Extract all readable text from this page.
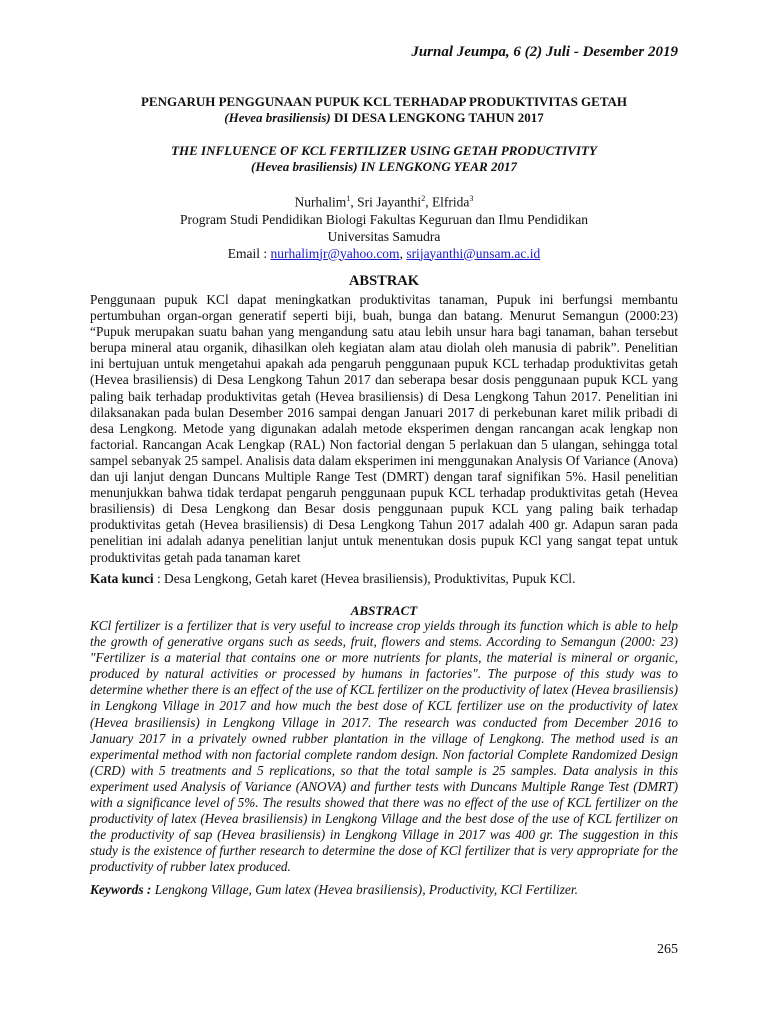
Jurnal Jeumpa, 6 (2) Juli - Desember 2019
PENGARUH PENGGUNAAN PUPUK KCL TERHADAP PRODUKTIVITAS GETAH
(Hevea brasiliensis) DI DESA LENGKONG TAHUN 2017
THE INFLUENCE OF KCL FERTILIZER USING GETAH PRODUCTIVITY
(Hevea brasiliensis) IN LENGKONG YEAR 2017
Nurhalim$^1$, Sri Jayanthi$^2$, Elfrida$^3$
Program Studi Pendidikan Biologi Fakultas Keguruan dan Ilmu Pendidikan
Universitas Samudra
Email : nurhalimjr@yahoo.com, srijayanthi@unsam.ac.id
ABSTRAK
Penggunaan pupuk KCl dapat meningkatkan produktivitas tanaman, Pupuk ini berfungsi membantu pertumbuhan organ-organ generatif seperti biji, buah, bunga dan batang. Menurut Semangun (2000:23) “Pupuk merupakan suatu bahan yang mengandung satu atau lebih unsur hara bagi tanaman, bahan tersebut berupa mineral atau organik, dihasilkan oleh kegiatan alam atau diolah oleh manusia di pabrik”. Penelitian ini bertujuan untuk mengetahui apakah ada pengaruh penggunaan pupuk KCL terhadap produktivitas getah (Hevea brasiliensis) di Desa Lengkong Tahun 2017 dan seberapa besar dosis penggunaan pupuk KCL yang paling baik terhadap produktivitas getah (Hevea brasiliensis) di Desa Lengkong Tahun 2017. Penelitian ini dilaksanakan pada bulan Desember 2016 sampai dengan Januari 2017 di perkebunan karet milik pribadi di desa Lengkong. Metode yang digunakan adalah metode eksperimen dengan rancangan acak lengkap non factorial. Rancangan Acak Lengkap (RAL) Non factorial dengan 5 perlakuan dan 5 ulangan, sehingga total sampel sebanyak 25 sampel. Analisis data dalam eksperimen ini menggunakan Analysis Of Variance (Anova) dan uji lanjut dengan Duncans Multiple Range Test (DMRT) dengan taraf signifikan 5%. Hasil penelitian menunjukkan bahwa tidak terdapat pengaruh penggunaan pupuk KCL terhadap produktivitas getah (Hevea brasiliensis) di Desa Lengkong dan Besar dosis penggunaan pupuk KCL yang paling baik terhadap produktivitas getah (Hevea brasiliensis) di Desa Lengkong Tahun 2017 adalah 400 gr. Adapun saran pada penelitian ini adalah adanya penelitian lanjut untuk menentukan dosis pupuk KCl yang sangat tepat untuk produktivitas getah pada tanaman karet
Kata kunci : Desa Lengkong, Getah karet (Hevea brasiliensis), Produktivitas, Pupuk KCl.
ABSTRACT
KCl fertilizer is a fertilizer that is very useful to increase crop yields through its function which is able to help the growth of generative organs such as seeds, fruit, flowers and stems. According to Semangun (2000: 23) "Fertilizer is a material that contains one or more nutrients for plants, the material is mineral or organic, produced by natural activities or processed by humans in factories". The purpose of this study was to determine whether there is an effect of the use of KCL fertilizer on the productivity of latex (Hevea brasiliensis) in Lengkong Village in 2017 and how much the best dose of KCL fertilizer use on the productivity of latex (Hevea brasiliensis) in Lengkong Village in 2017. The research was conducted from December 2016 to January 2017 in a privately owned rubber plantation in the village of Lengkong. The method used is an experimental method with non factorial complete random design. Non factorial Complete Randomized Design (CRD) with 5 treatments and 5 replications, so that the total sample is 25 samples. Data analysis in this experiment used Analysis of Variance (ANOVA) and further tests with Duncans Multiple Range Test (DMRT) with a significance level of 5%. The results showed that there was no effect of the use of KCL fertilizer on the productivity of latex (Hevea brasiliensis) in Lengkong Village and the best dose of the use of KCL fertilizer on the productivity of sap (Hevea brasiliensis) in Lengkong Village in 2017 was 400 gr. The suggestion in this study is the existence of further research to determine the dose of KCl fertilizer that is very appropriate for the productivity of rubber latex produced.
Keywords : Lengkong Village, Gum latex (Hevea brasiliensis), Productivity, KCl Fertilizer.
265
